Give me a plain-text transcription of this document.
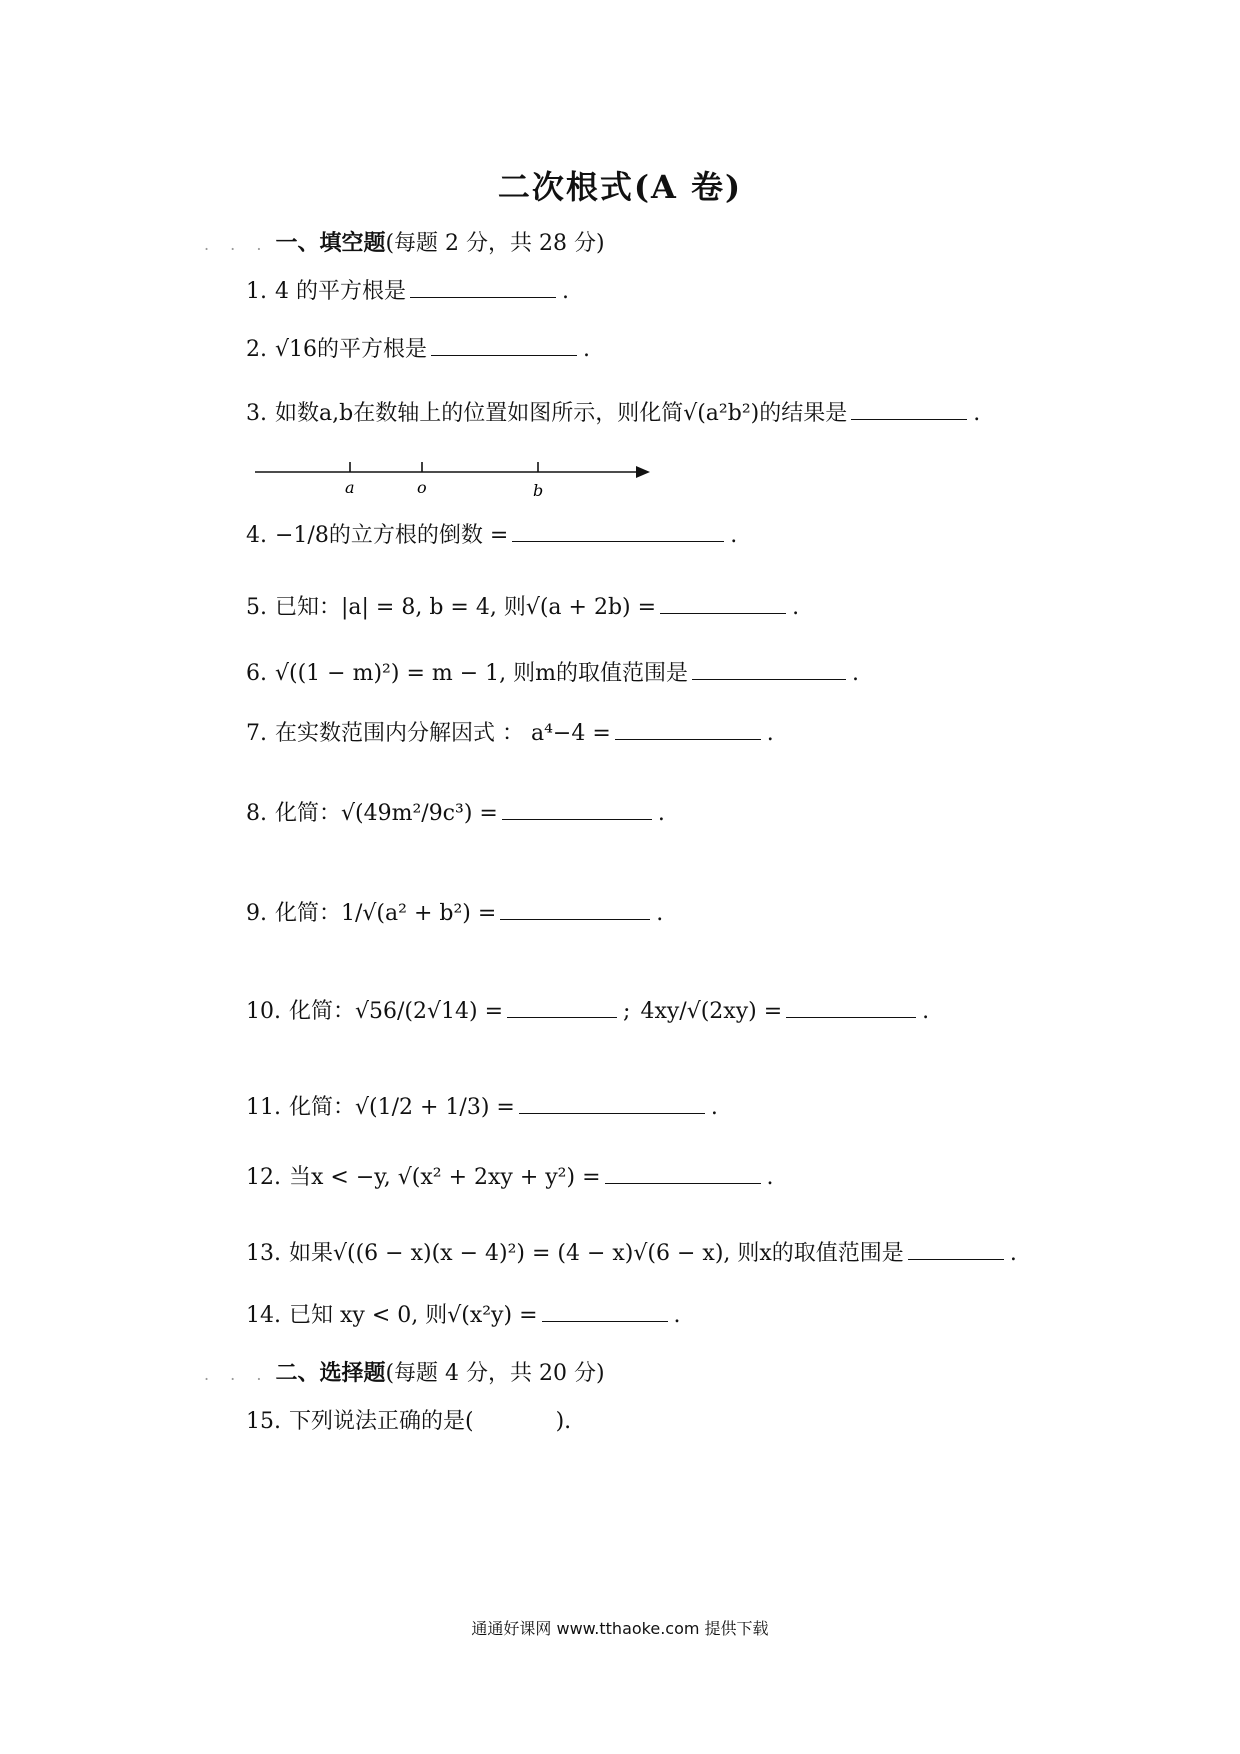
二次根式(A 卷)
. . . 一、填空题(每题 2 分，共 28 分)
1. 4 的平方根是	.
2. √16的平方根是	.
3. 如数a,b在数轴上的位置如图所示，则化简√(a²b²)的结果是	.
a	o	b
4. −1/8的立方根的倒数 =	.
5. 已知：|a| = 8, b = 4, 则√(a + 2b) =	.
6. √((1 − m)²) = m − 1, 则m的取值范围是	.
7. 在实数范围内分解因式 ： a⁴−4 =	.
8. 化简：√(49m²/9c³) =	.
9. 化简：1/√(a² + b²) =	.
10. 化简：√56/(2√14) =	; 4xy/√(2xy) =	.
11. 化简：√(1/2 + 1/3) =	.
12. 当x < −y, √(x² + 2xy + y²) =	.
13. 如果√((6 − x)(x − 4)²) = (4 − x)√(6 − x), 则x的取值范围是	.
14. 已知 xy < 0, 则√(x²y) =	.
. . . 二、选择题(每题 4 分，共 20 分)
15. 下列说法正确的是(	).
通通好课网 www.tthaoke.com 提供下载
